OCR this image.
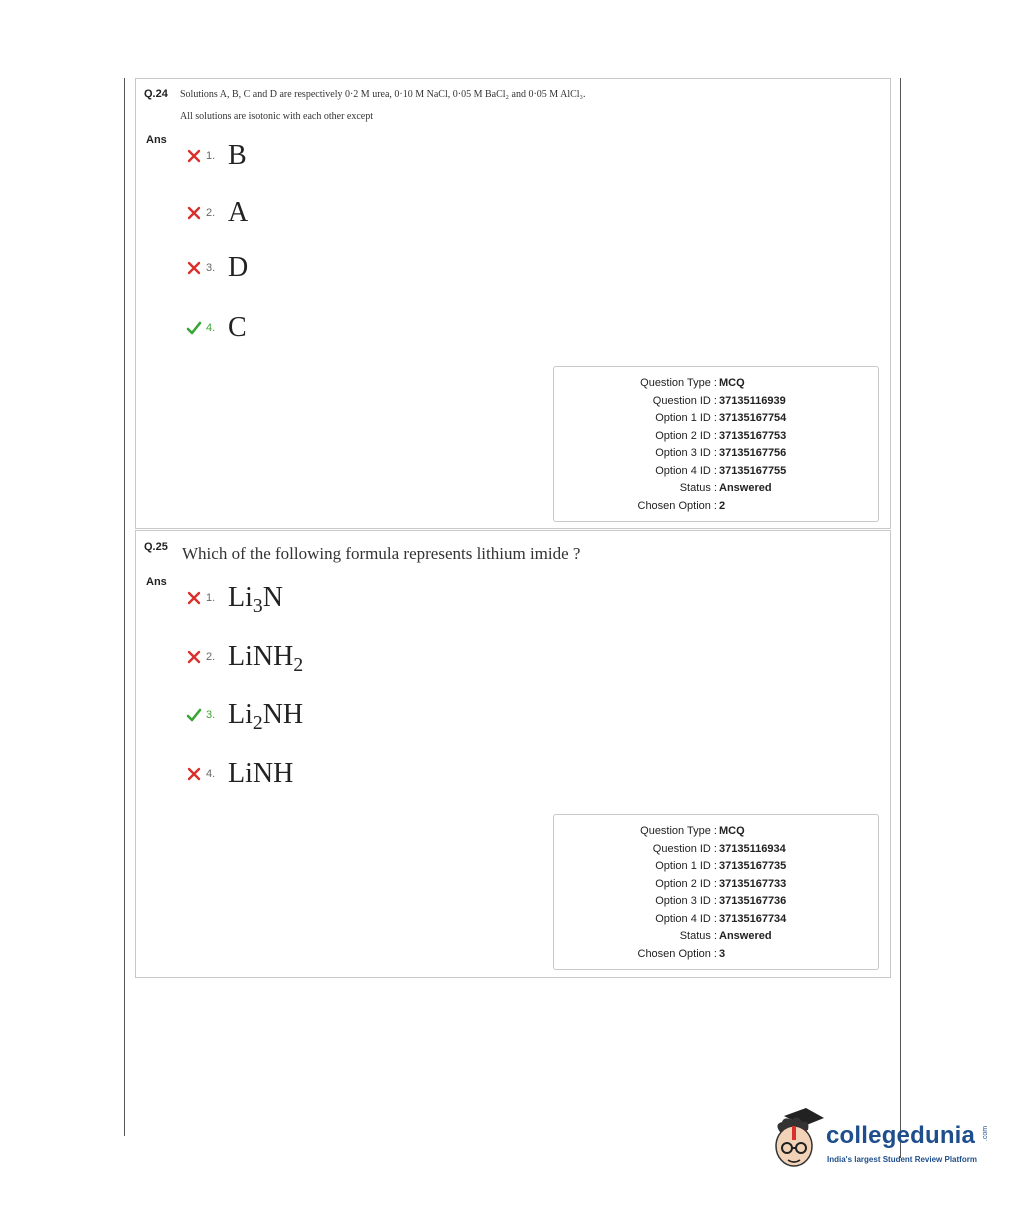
Q.24 Solutions A, B, C and D are respectively 0·2 M urea, 0·10 M NaCl, 0·05 M BaCl₂ and 0·05 M AlCl₃.
All solutions are isotonic with each other except
Ans
1. B
2. A
3. D
4. C
Question Type : MCQ
Question ID : 37135116939
Option 1 ID : 37135167754
Option 2 ID : 37135167753
Option 3 ID : 37135167756
Option 4 ID : 37135167755
Status : Answered
Chosen Option : 2
Q.25 Which of the following formula represents lithium imide ?
Ans
1. $Li_3N$
2. LiNH$_2$
3. $Li_2NH$
4. LiNH
Question Type : MCQ
Question ID : 37135116934
Option 1 ID : 37135167735
Option 2 ID : 37135167733
Option 3 ID : 37135167736
Option 4 ID : 37135167734
Status : Answered
Chosen Option : 3
collegedunia .com
India's largest Student Review Platform
